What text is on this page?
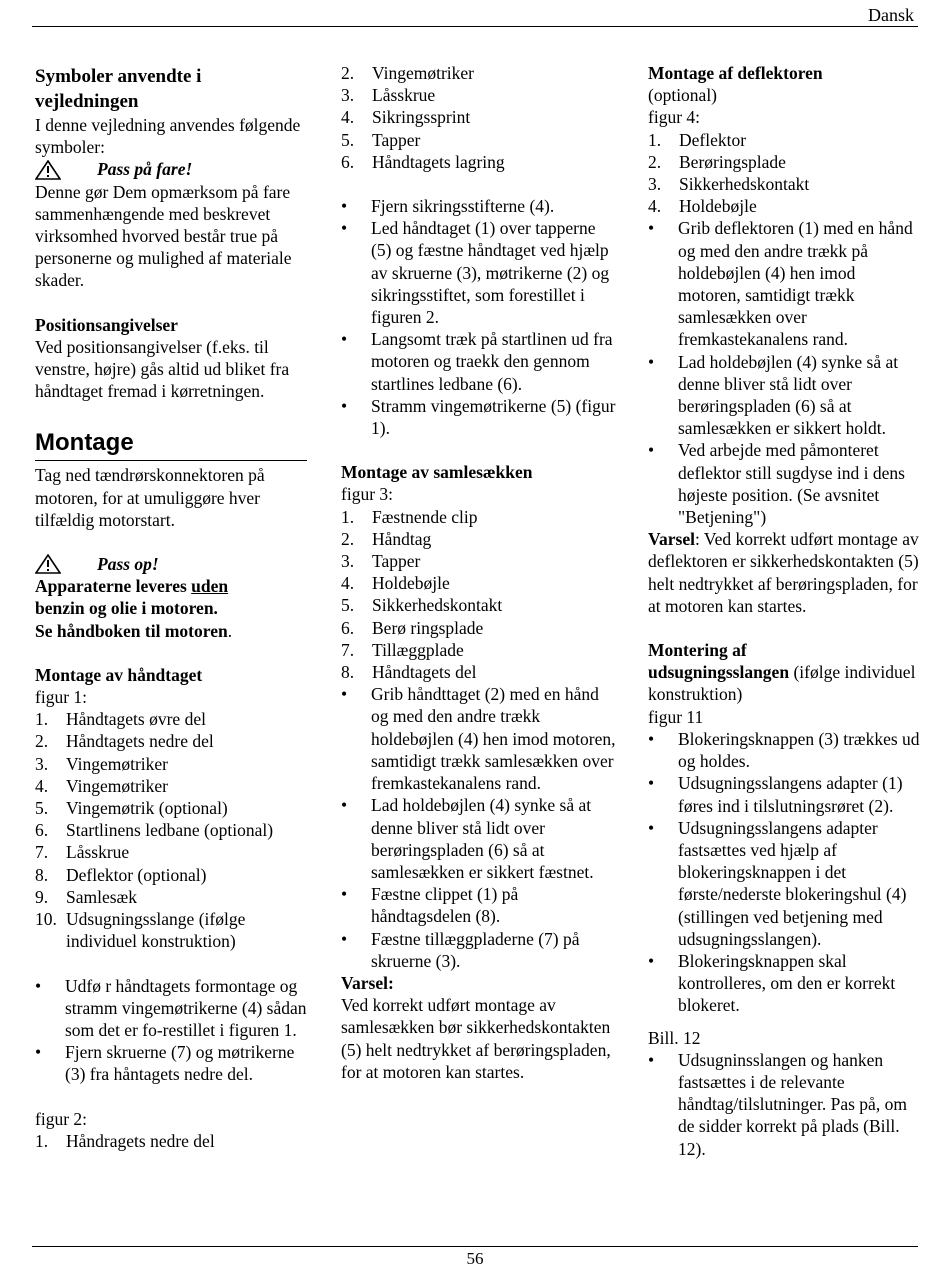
Dansk
Symboler anvendte i vejledningen

I denne vejledning anvendes følgende symboler:

Pass på fare!

Denne gør Dem opmærksom på fare sammenhængende med beskrevet virksomhed hvorved består true på personerne og mulighed af materiale skader.

Positionsangivelser

Ved positionsangivelser (f.eks. til venstre, højre) gås altid ud bliket fra håndtaget fremad i kørretningen.

Montage

Tag ned tændrørskonnektoren på motoren, for at umuliggøre hver tilfældig motorstart.

Pass op!

Apparaterne leveres uden

benzin og olie i motoren.

Se håndboken til motoren.

Montage av håndtaget

figur 1:

1.	Håndtagets øvre del
2.	Håndtagets nedre del
3.	Vingemøtriker
4.	Vingemøtriker
5.	Vingemøtrik (optional)
6.	Startlinens ledbane (optional)
7.	Låsskrue
8.	Deflektor (optional)
9.	Samlesæk
10. Udsugningsslange (ifølge individuel konstruktion)
•	Udfø r håndtagets formontage og stramm vingemøtrikerne (4) sådan som det er fo-restillet i figuren 1.
•	Fjern skruerne (7) og møtrikerne (3) fra håntagets nedre del.

figur 2:

1.	Håndragets nedre del
2.	Vingemøtriker
3.	Låsskrue
4.	Sikringssprint
5.	Tapper
6.	Håndtagets lagring
•	Fjern sikringsstifterne (4).
•	Led håndtaget (1) over tapperne (5) og fæstne håndtaget ved hjælp av skruerne (3), møtrikerne (2) og sikringsstiftet, som forestillet i figuren 2.
•	Langsomt træk på startlinen ud fra motoren og traekk den gennom startlines ledbane (6).
•	Stramm vingemøtrikerne (5) (figur 1).
Montage av samlesækken

figur 3:

1.	Fæstnende clip
2.	Håndtag
3.	Tapper
4.	Holdebøjle
5.	Sikkerhedskontakt
6.	Berø ringsplade
7.	Tillæggplade
8.	Håndtagets del
•	Grib håndttaget (2) med en hånd og med den andre trækk holdebøjlen (4) hen imod motoren, samtidigt trækk samlesækken over fremkastekanalens rand.
•	Lad holdebøjlen (4) synke så at denne bliver stå lidt over berøringspladen (6) så at samlesækken er sikkert fæstnet.
•	Fæstne clippet (1) på håndtagsdelen (8).
•	Fæstne tillæggpladerne (7) på skruerne (3).

Varsel:

Ved korrekt udført montage av samlesækken bør sikkerhedskontakten (5) helt nedtrykket af berøringspladen, for at motoren kan startes.

Montage af deflektoren

(optional)

figur 4:

1.	Deflektor
2.	Berøringsplade
3.	Sikkerhedskontakt
4.	Holdebøjle
•	Grib deflektoren (1) med en hånd og med den andre trækk på holdebøjlen (4) hen imod motoren, samtidigt trækk samlesækken over fremkastekanalens rand.
•	Lad holdebøjlen (4) synke så at denne bliver stå lidt over berøringspladen (6) så at samlesækken er sikkert holdt.
•	Ved arbejde med påmonteret deflektor still sugdyse ind i dens højeste position. (Se avsnitet "Betjening")

Varsel: Ved korrekt udført montage av deflektoren er sikkerhedskontakten (5) helt nedtrykket af berøringspladen, for at motoren kan startes.

Montering af

udsugningsslangen (ifølge individuel konstruktion)

figur 11

•	Blokeringsknappen (3) trækkes ud og holdes.
•	Udsugningsslangens adapter (1) føres ind i tilslutningsrøret (2).
•	Udsugningsslangens adapter fastsættes ved hjælp af blokeringsknappen i det første/nederste blokeringshul (4) (stillingen ved betjening med udsugningsslangen).
•	Blokeringsknappen skal kontrolleres, om den er korrekt blokeret.

Bill. 12

•	Udsugninsslangen og hanken fastsættes i de relevante håndtag/tilslutninger. Pas på, om de sidder korrekt på plads (Bill. 12).
56
